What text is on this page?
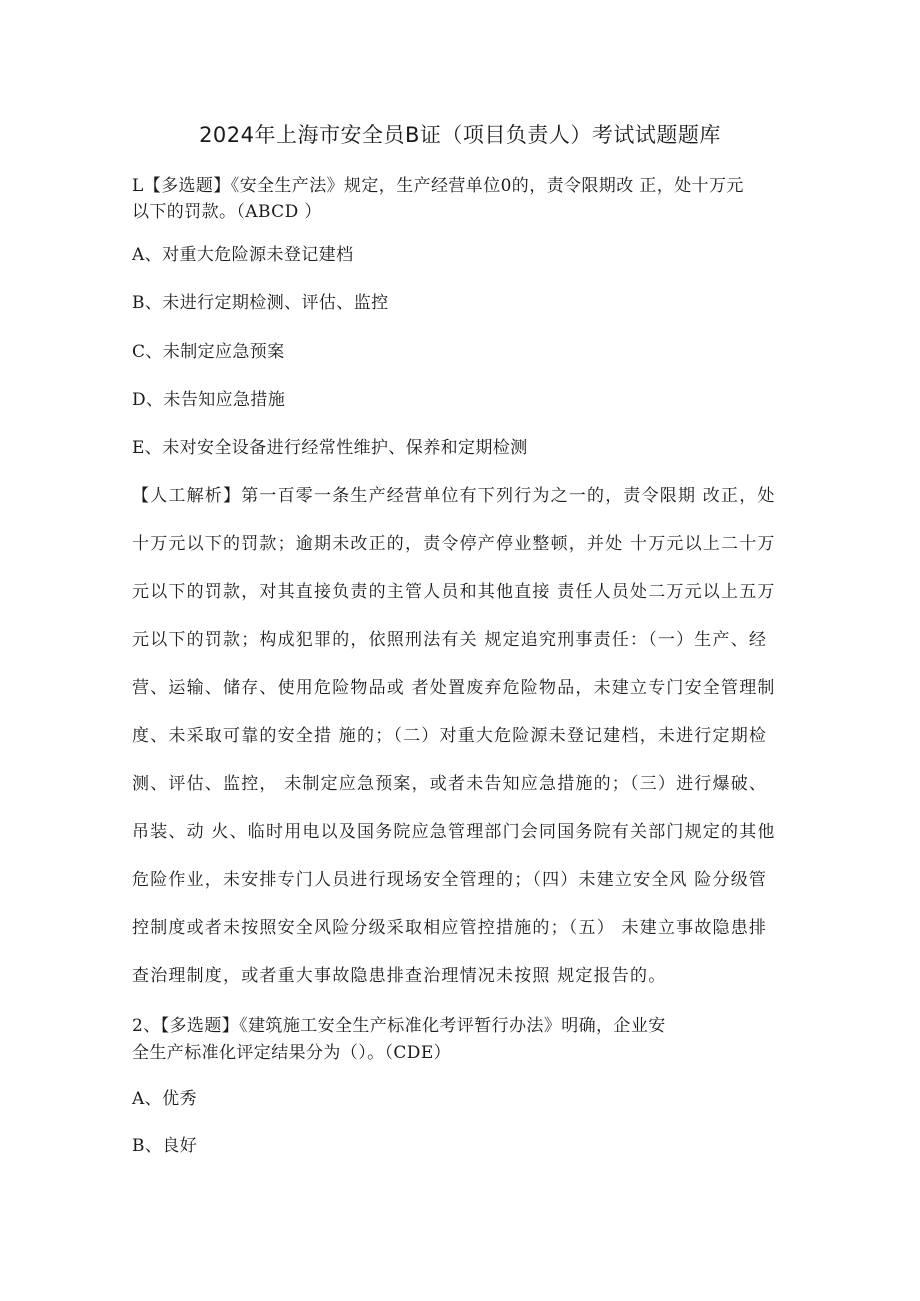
2024年上海市安全员B证（项目负责人）考试试题题库
L【多选题】《安全生产法》规定，生产经营单位0的，责令限期改 正，处十万元
以下的罚款。（ABCD ）
A、对重大危险源未登记建档
B、未进行定期检测、评估、监控
C、未制定应急预案
D、未告知应急措施
E、未对安全设备进行经常性维护、保养和定期检测
【人工解析】第一百零一条生产经营单位有下列行为之一的，责令限期 改正，处
十万元以下的罚款；逾期未改正的，责令停产停业整顿，并处 十万元以上二十万
元以下的罚款，对其直接负责的主管人员和其他直接 责任人员处二万元以上五万
元以下的罚款；构成犯罪的，依照刑法有关 规定追究刑事责任：（一）生产、经
营、运输、储存、使用危险物品或 者处置废弃危险物品，未建立专门安全管理制
度、未采取可靠的安全措 施的；（二）对重大危险源未登记建档，未进行定期检
测、评估、监控， 未制定应急预案，或者未告知应急措施的；（三）进行爆破、
吊装、动 火、临时用电以及国务院应急管理部门会同国务院有关部门规定的其他
危险作业，未安排专门人员进行现场安全管理的；（四）未建立安全风 险分级管
控制度或者未按照安全风险分级采取相应管控措施的；（五） 未建立事故隐患排
查治理制度，或者重大事故隐患排查治理情况未按照 规定报告的。
2、【多选题】《建筑施工安全生产标准化考评暂行办法》明确，企业安
全生产标准化评定结果分为（）。（CDE）
A、优秀
B、良好
